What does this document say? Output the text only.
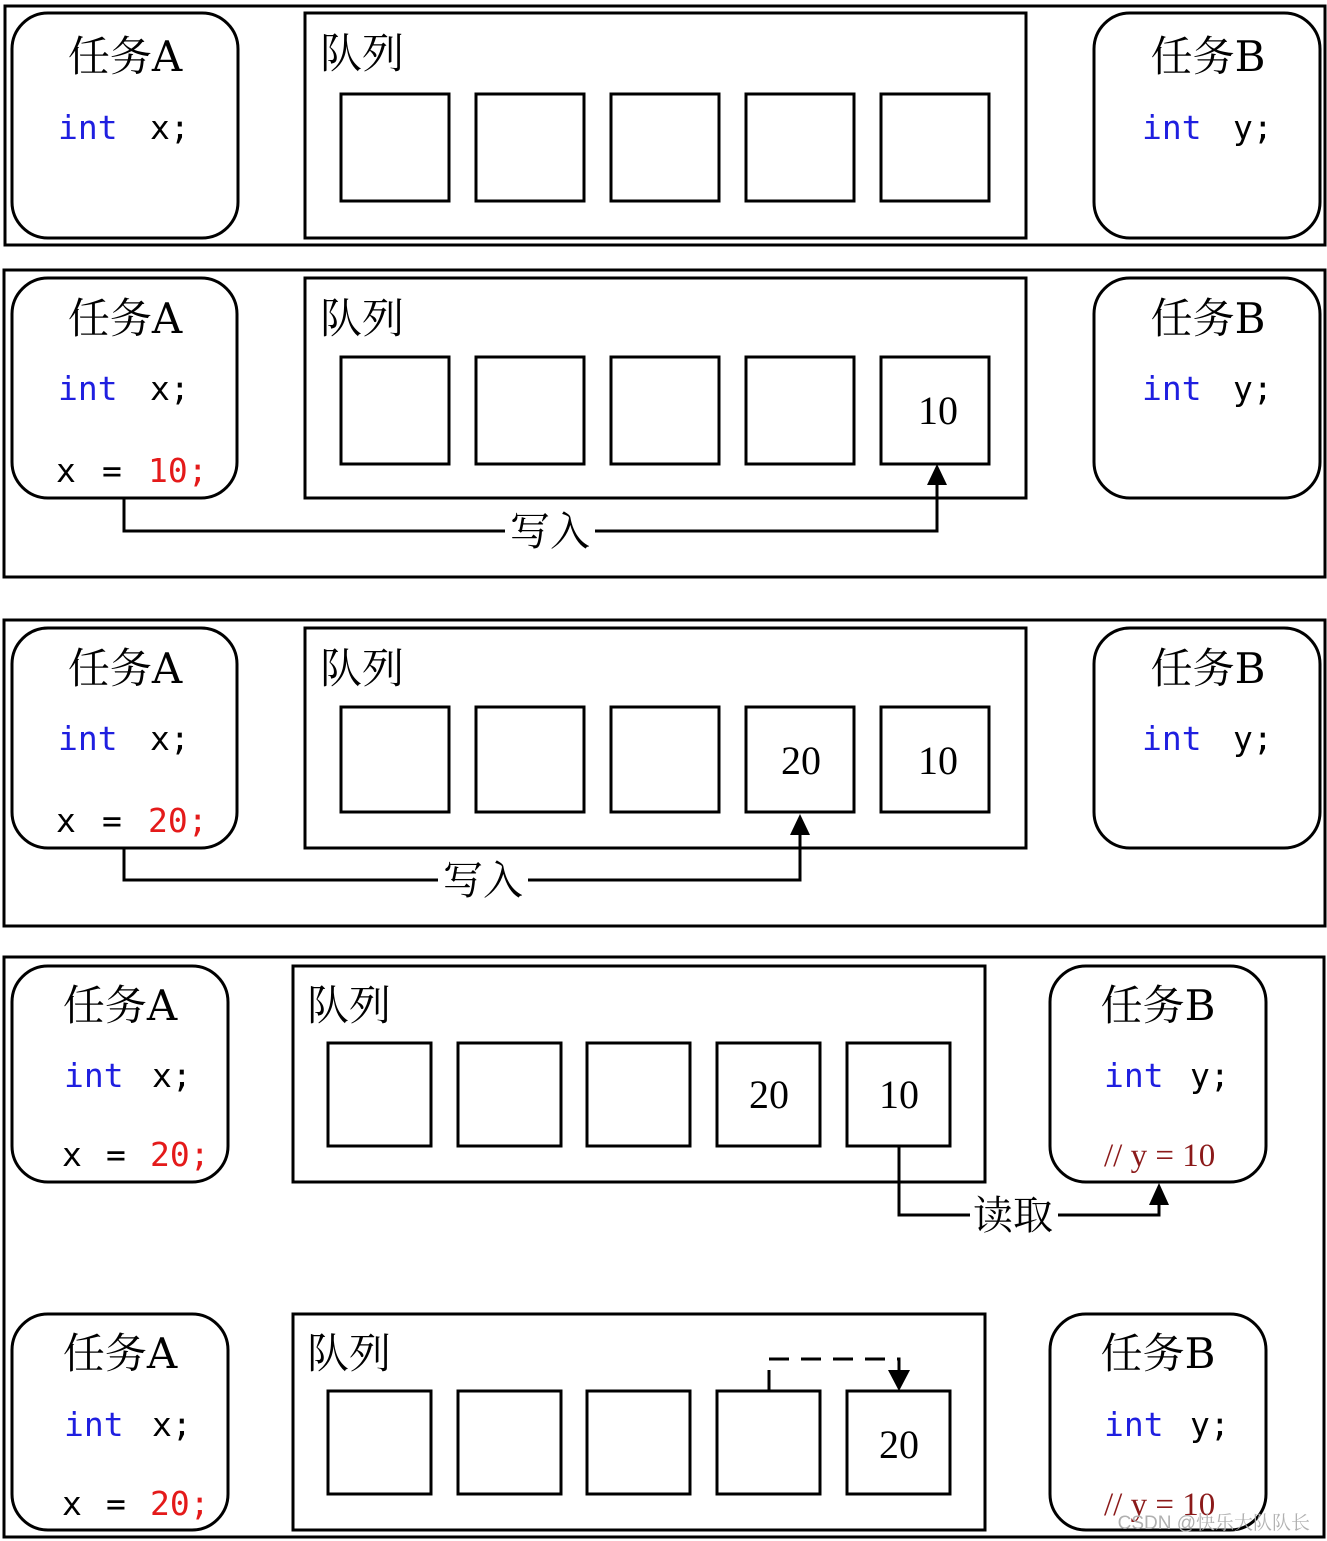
任务A
int x;
队列	任务B
int y;
任务A
int x;
x = 10;
队列
10
任务B
int y;
写入
任务A
int x;
x = 20;
队列
20 10
任务B
int y;
写入
任务A
int x;
x = 20;
队列
20 10
任务B
int y;
// y = 10
读取
任务A
int x;
x = 20;
队列
20
任务B
int y;
// y = 10
CSDN @快乐大队队长
